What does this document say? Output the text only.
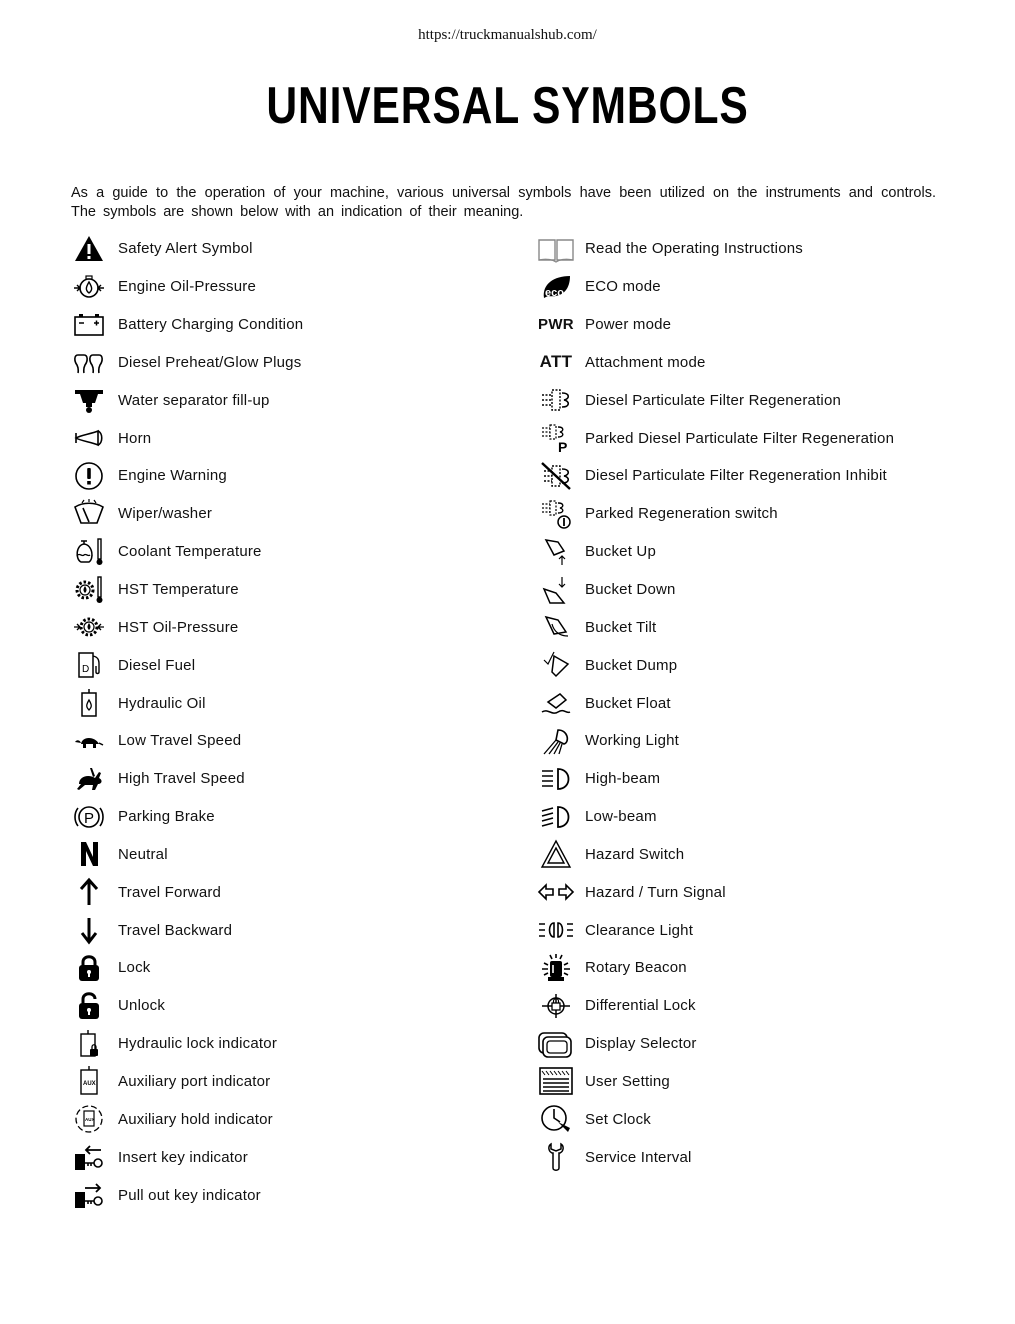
https://truckmanualshub.com/
UNIVERSAL SYMBOLS
As a guide to the operation of your machine, various universal symbols have been utilized on the instruments and controls. The symbols are shown below with an indication of their meaning.
Safety Alert Symbol
Engine Oil-Pressure
Battery Charging Condition
Diesel Preheat/Glow Plugs
Water separator fill-up
Horn
Engine Warning
Wiper/washer
Coolant Temperature
HST Temperature
HST Oil-Pressure
D Diesel Fuel
Hydraulic Oil
Low Travel Speed
High Travel Speed
P Parking Brake
Neutral
Travel Forward
Travel Backward
Lock
Unlock
Hydraulic lock indicator
AUX Auxiliary port indicator
AUX Auxiliary hold indicator
Insert key indicator
Pull out key indicator
Read the Operating Instructions
eco ECO mode
PWR Power mode
ATT Attachment mode
Diesel Particulate Filter Regeneration
P
Parked Diesel Particulate Filter Regeneration
Diesel Particulate Filter Regeneration Inhibit
Parked Regeneration switch
Bucket Up
Bucket Down
Bucket Tilt
Bucket Dump
Bucket Float
Working Light
High-beam
Low-beam
Hazard Switch
Hazard / Turn Signal
Clearance Light
Rotary Beacon
Differential Lock
Display Selector
User Setting
Set Clock
Service Interval
